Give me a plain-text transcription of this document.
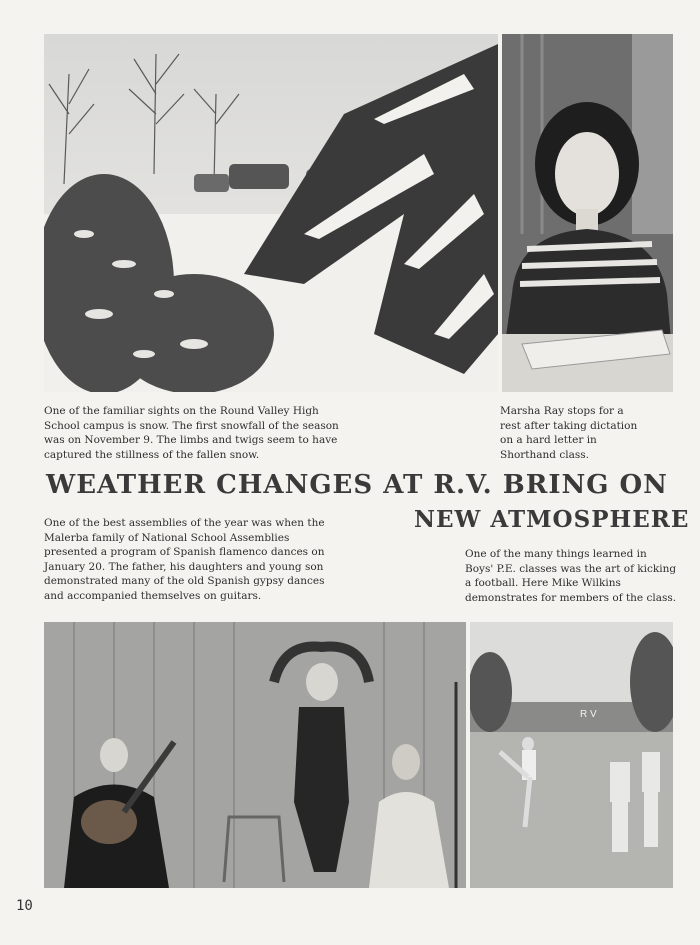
One of the familiar sights on the Round Valley High School campus is snow. The first snowfall of the season was on November 9. The limbs and twigs seem to have captured the stillness of the fallen snow.

Marsha Ray stops for a rest after taking dictation on a hard letter in Shorthand class.

WEATHER CHANGES AT R.V. BRING ON
NEW ATMOSPHERE

One of the best assemblies of the year was when the Malerba family of National School Assemblies presented a program of Spanish flamenco dances on January 20. The father, his daughters and young son demonstrated many of the old Spanish gypsy dances and accompanied themselves on guitars.

One of the many things learned in Boys' P.E. classes was the art of kicking a football. Here Mike Wilkins demonstrates for members of the class.

R V
10
